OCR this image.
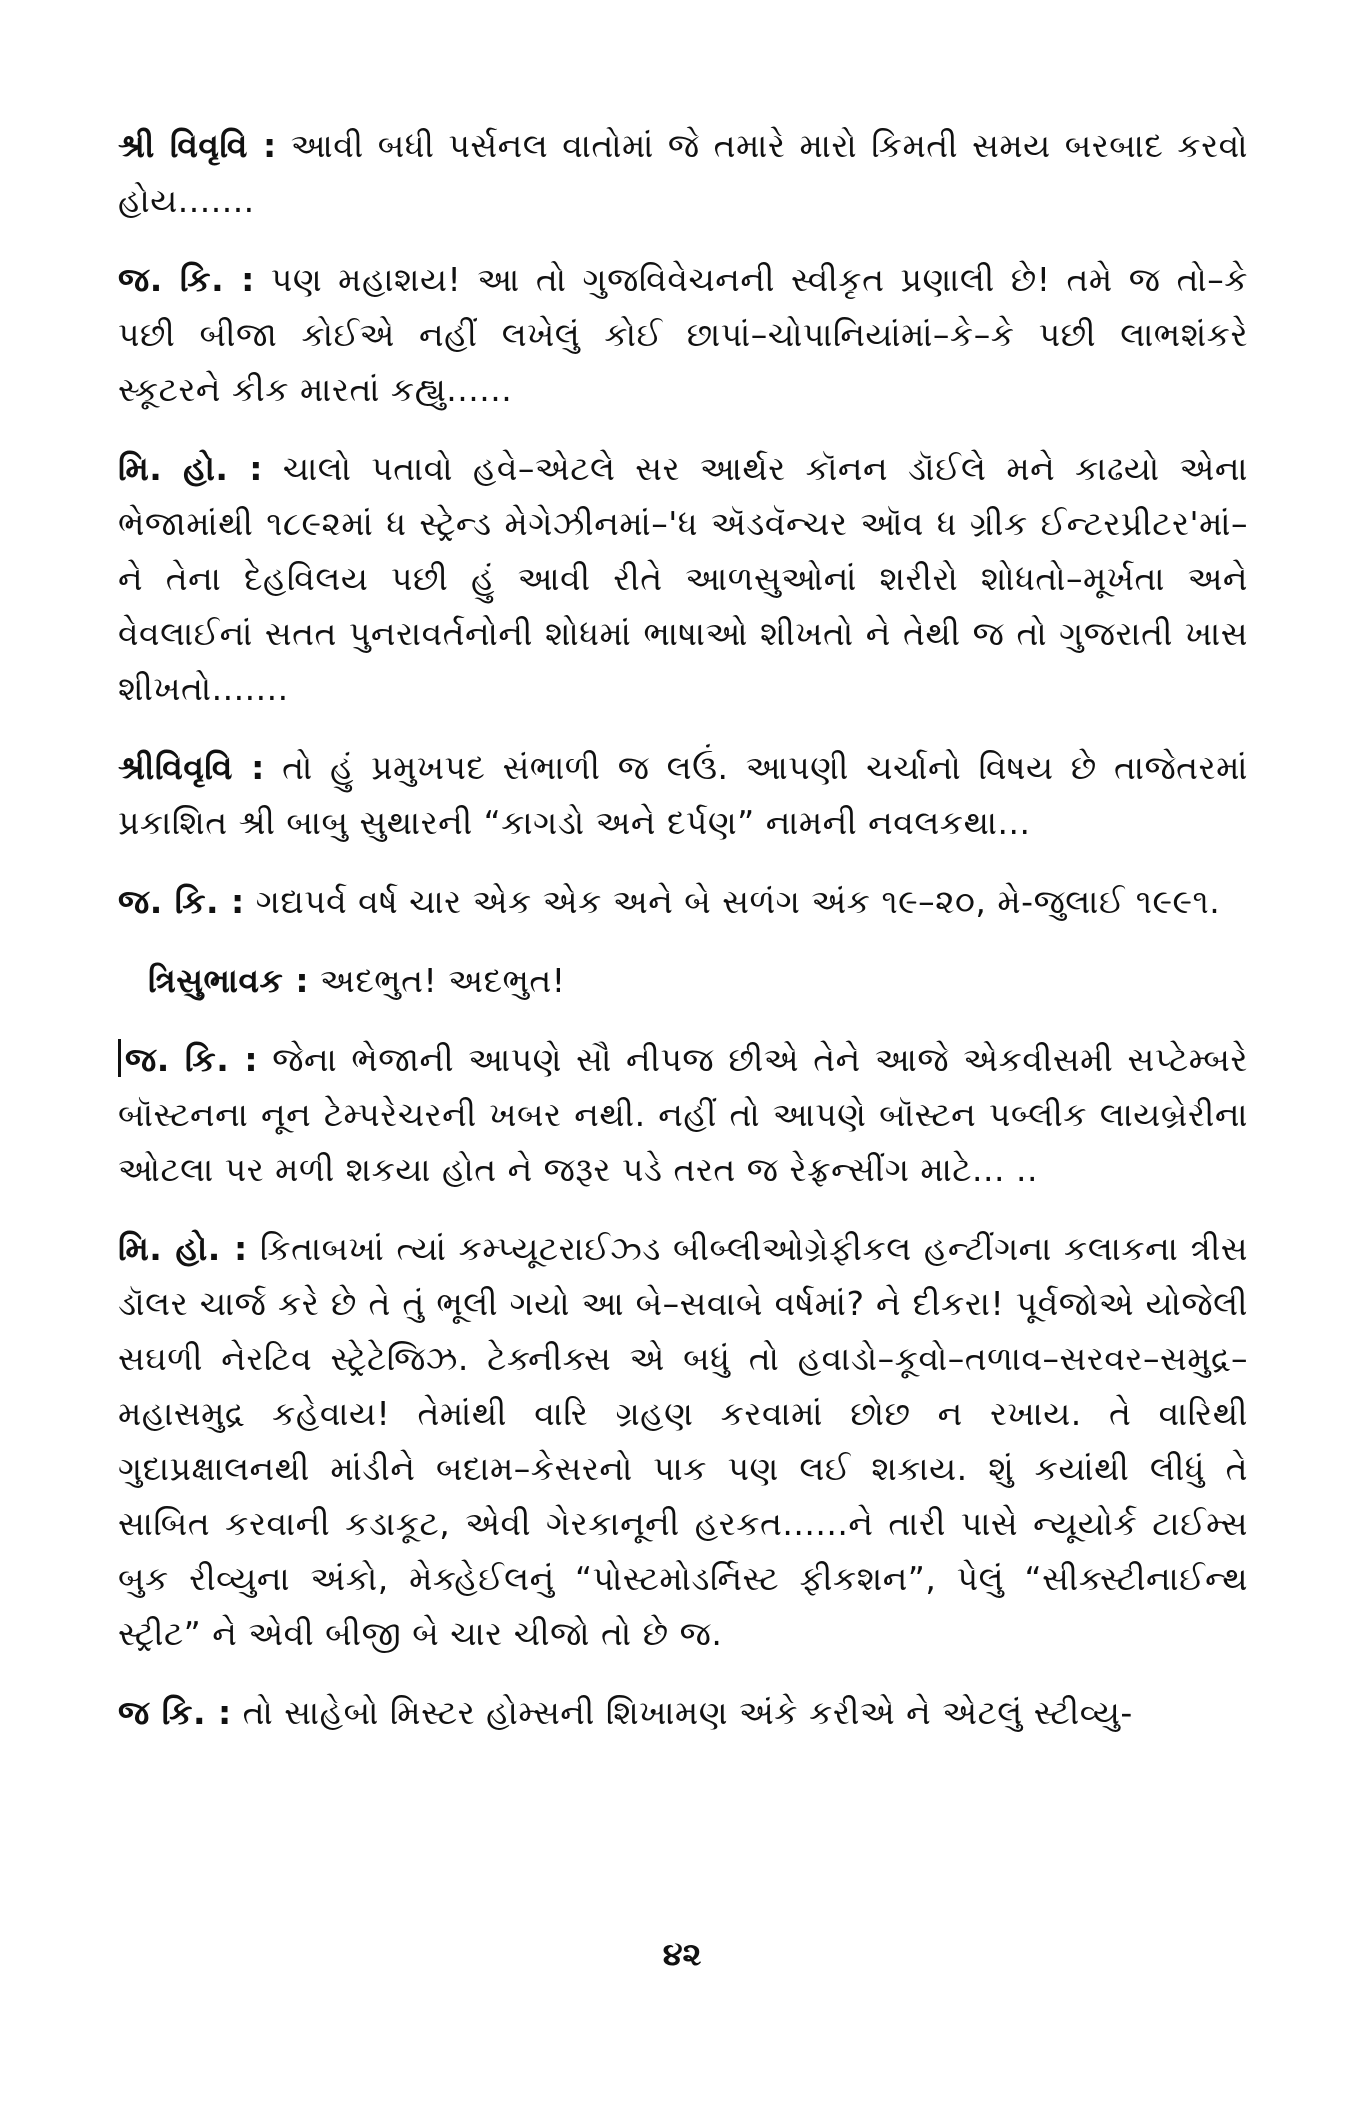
શ્રી વિવૃવિ : આવી બધી પર્સનલ વાતોમાં જે તમારે મારો કિમતી સમય બરબાદ કરવો હોય.......

જ. કિ. : પણ મહાશય! આ તો ગુજવિવેચનની સ્વીકૃત પ્રણાલી છે! તમે જ તો–કે પછી બીજા કોઈએ નહીં લખેલું કોઈ છાપાં–ચોપાનિયાંમાં–કે–કે પછી લાભશંકરે સ્કૂટરને કીક મારતાં કહ્યુ......

મિ. હો. : ચાલો પતાવો હવે–એટલે સર આર્થર કૉનન ડૉઈલે મને કાઢયો એના ભેજામાંથી ૧૮૯૨માં ધ સ્ટ્રેન્ડ મેગેઝીનમાં–'ધ ઍડવૅન્ચર ઑવ ધ ગ્રીક ઈન્ટરપ્રીટર'માં–ને તેના દેહવિલય પછી હું આવી રીતે આળસુઓનાં શરીરો શોધતો–મૂર્ખતા અને વેવલાઈનાં સતત પુનરાવર્તનોની શોધમાં ભાષાઓ શીખતો ને તેથી જ તો ગુજરાતી ખાસ શીખતો.......

શ્રીવિવૃવિ : તો હું પ્રમુખપદ સંભાળી જ લઉં. આપણી ચર્ચાનો વિષય છે તાજેતરમાં પ્રકાશિત શ્રી બાબુ સુથારની “કાગડો અને દર્પણ” નામની નવલકથા...

જ. કિ. : ગદ્યપર્વ વર્ષ ચાર એક એક અને બે સળંગ અંક ૧૯–૨૦, મે-જુલાઈ ૧૯૯૧.

ત્રિસુભાવક : અદભુત! અદભુત!

જ. કિ. : જેના ભેજાની આપણે સૌ નીપજ છીએ તેને આજે એકવીસમી સપ્ટેમ્બરે બૉસ્ટનના નૂન ટેમ્પરેચરની ખબર નથી. નહીં તો આપણે બૉસ્ટન પબ્લીક લાયબ્રેરીના ઓટલા પર મળી શકયા હોત ને જરૂર પડે તરત જ રેફ્રન્સીંગ માટે... ..

મિ. હો. : કિતાબખાં ત્યાં કમ્પ્યૂટરાઈઝ્ડ બીબ્લીઓગ્રેફીકલ હન્ટીંગના કલાકના ત્રીસ ડૉલર ચાર્જ કરે છે તે તું ભૂલી ગયો આ બે–સવાબે વર્ષમાં? ને દીકરા! પૂર્વજોએ યોજેલી સઘળી નેરટિવ સ્ટ્રેટેજિઝ. ટેક્નીક્સ એ બધું તો હવાડો–કૂવો–તળાવ–સરવર–સમુદ્ર–મહાસમુદ્ર કહેવાય! તેમાંથી વારિ ગ્રહણ કરવામાં છોછ ન રખાય. તે વારિથી ગુદાપ્રક્ષાલનથી માંડીને બદામ–કેસરનો પાક પણ લઈ શકાય. શું કયાંથી લીધું તે સાબિત કરવાની કડાકૂટ, એવી ગેરકાનૂની હરકત......ને તારી પાસે ન્યૂયોર્ક ટાઈમ્સ બુક રીવ્યુના અંકો, મેક્હેઈલનું “પોસ્ટમોડર્નિસ્ટ ફીકશન”, પેલું “સીક્સ્ટીનાઈન્થ સ્ટ્રીટ” ને એવી બીજી બે ચાર ચીજો તો છે જ.

જ કિ. : તો સાહેબો મિસ્ટર હોમ્સની શિખામણ અંકે કરીએ ને એટલું સ્ટીવ્યુ-

૪૨
